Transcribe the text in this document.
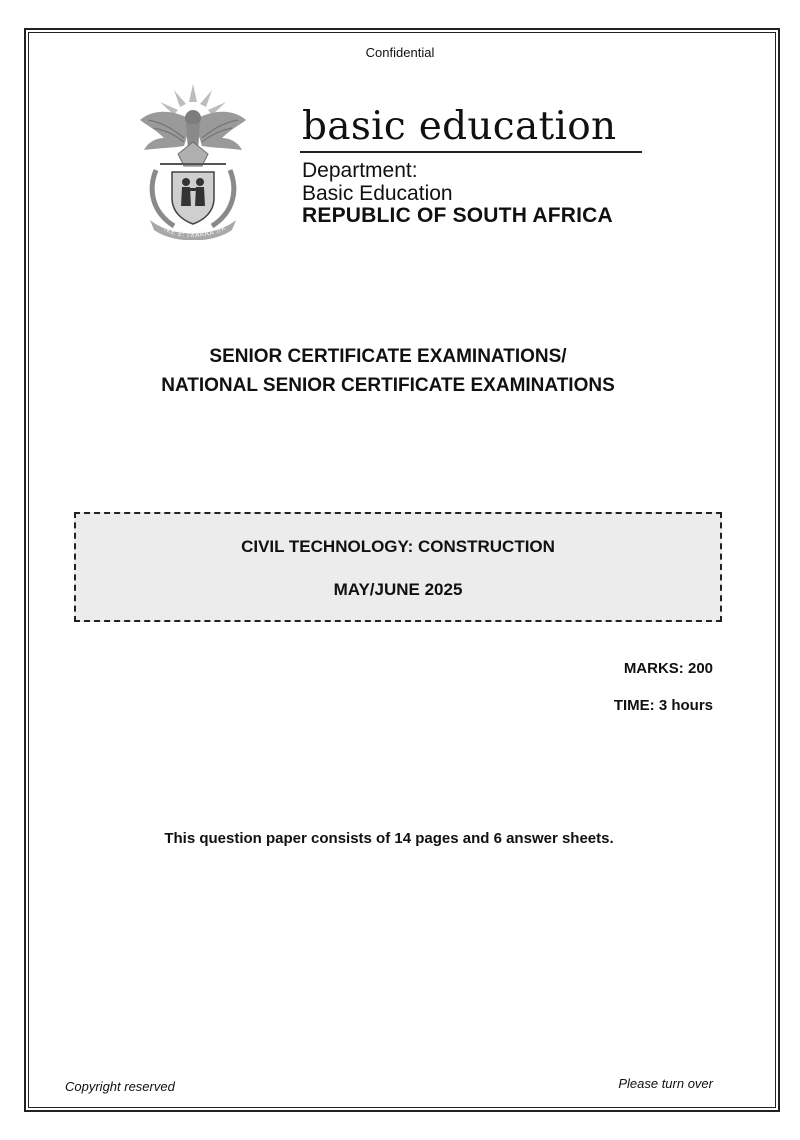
Confidential
!KE E: /XARRA //K
basic education
Department:
Basic Education
REPUBLIC OF SOUTH AFRICA
SENIOR CERTIFICATE EXAMINATIONS/
NATIONAL SENIOR CERTIFICATE EXAMINATIONS
CIVIL TECHNOLOGY: CONSTRUCTION
MAY/JUNE 2025
MARKS: 200
TIME: 3 hours
This question paper consists of 14 pages and 6 answer sheets.
Copyright reserved	Please turn over
